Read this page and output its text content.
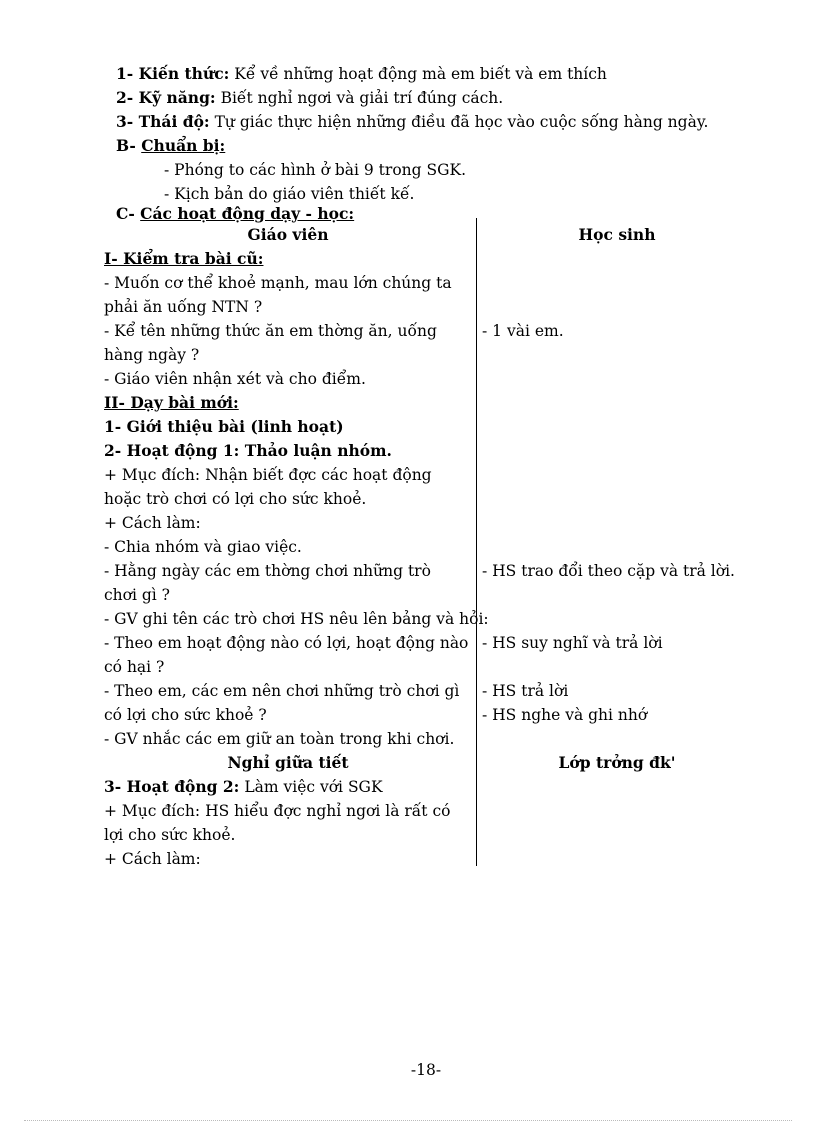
1- Kiến thức: Kể về những hoạt động mà em biết và em thích
2- Kỹ năng: Biết nghỉ ngơi và giải trí đúng cách.
3- Thái độ: Tự giác thực hiện những điều đã học vào cuộc sống hàng ngày.
B- Chuẩn bị:
- Phóng to các hình ở bài 9 trong SGK.
- Kịch bản do giáo viên thiết kế.
C- Các hoạt động dạy - học:
Giáo viên	Học sinh
I- Kiểm tra bài cũ:
- Muốn cơ thể khoẻ mạnh, mau lớn chúng ta
phải ăn uống NTN ?
- Kể tên những thức ăn em thờng ăn, uống
hàng ngày ?
- Giáo viên nhận xét và cho điểm.
II- Dạy bài mới:
1- Giới thiệu bài (linh hoạt)
2- Hoạt động 1: Thảo luận nhóm.
+ Mục đích: Nhận biết đợc các hoạt động
hoặc trò chơi có lợi cho sức khoẻ.
+ Cách làm:
- Chia nhóm và giao việc.
- Hằng ngày các em thờng chơi những trò
chơi gì ?
- GV ghi tên các trò chơi HS nêu lên bảng và hỏi:
- Theo em hoạt động nào có lợi, hoạt động nào
có hại ?
- Theo em, các em nên chơi những trò chơi gì
có lợi cho sức khoẻ ?
- GV nhắc các em giữ an toàn trong khi chơi.
Nghỉ giữa tiết
3- Hoạt động 2: Làm việc với SGK
+ Mục đích: HS hiểu đợc nghỉ ngơi là rất có
lợi cho sức khoẻ.
+ Cách làm:
- 1 vài em.
- HS trao đổi theo cặp và trả lời.
- HS suy nghĩ và trả lời
- HS trả lời
- HS nghe và ghi nhớ
Lớp trởng đk'
-18-
